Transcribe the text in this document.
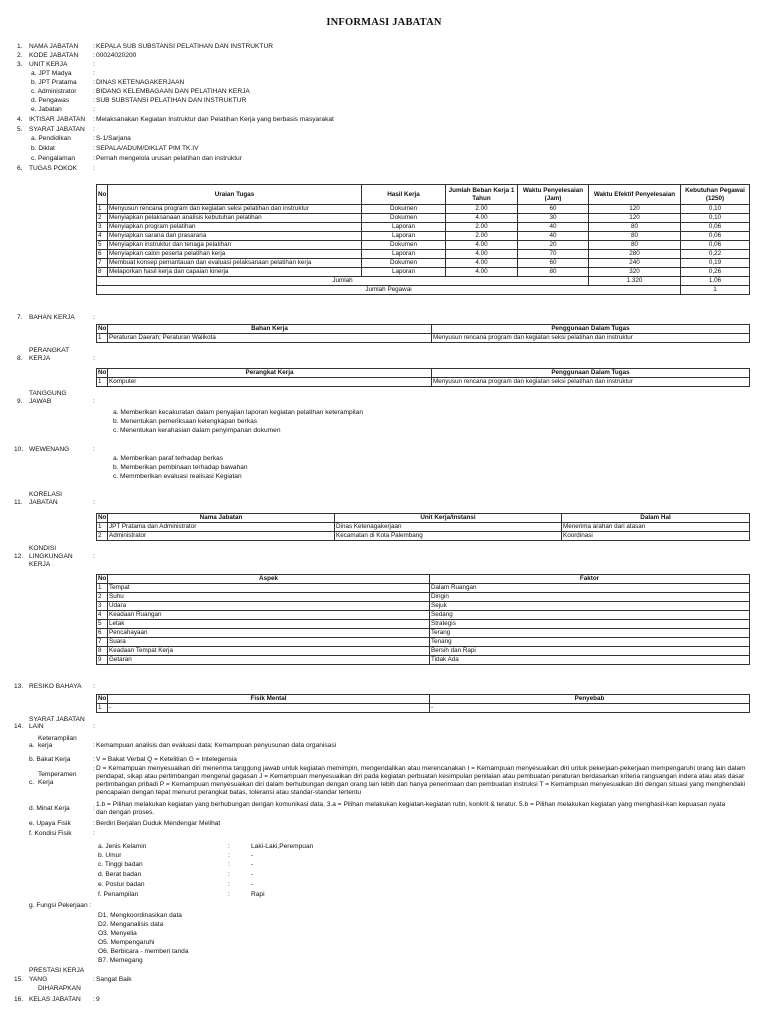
INFORMASI JABATAN
1. NAMA JABATAN : KEPALA SUB SUBSTANSI PELATIHAN DAN INSTRUKTUR
2. KODE JABATAN : 00024020200
3. UNIT KERJA	:
a. JPT Madya	:
b. JPT Pratama : DINAS KETENAGAKERJAAN
c. Administrator	: BIDANG KELEMBAGAAN DAN PELATIHAN KERJA
d. Pengawas	: SUB SUBSTANSI PELATIHAN DAN INSTRUKTUR
e. Jabatan	:
4. IKTISAR JABATAN : Melaksanakan Kegiatan Instruktur dan Pelatihan Kerja yang berbasis masyarakat
5. SYARAT JABATAN :
a. Pendidikan	: S-1/Sarjana
b. Diklat	: SEPALA/ADUM/DIKLAT PIM TK.IV
c. Pengalaman	: Pernah mengelola urusan pelatihan dan instruktur
6. TUGAS POKOK :
No	Uraian Tugas	Hasil Kerja	Jumlah Beban Kerja 1 Tahun	Waktu Penyelesaian (Jam)	Waktu Efektif Penyelesaian	Kebutuhan Pegawai (1250)
1	Menyusun rencana program dan kegiatan seksi pelatihan dan instruktur	Dokumen	2.00	60	120	0,10
2	Menyiapkan pelaksanaan analisis kebutuhan pelatihan	Dokumen	4.00	30	120	0,10
3	Menyiapkan program pelatihan	Laporan	2.00	40	80	0,06
4	Menyiapkan sarana dan prasarana	Laporan	2.00	40	80	0,06
5	Menyiapkan instruktur dan tenaga pelatihan	Dokumen	4.00	20	80	0,06
6	Menyiapkan calon peserta pelatihan kerja	Laporan	4.00	70	280	0,22
7	Membuat konsep pemantauan dan evaluasi pelaksanaan pelatihan kerja	Dokumen	4.00	60	240	0,19
8	Melaporkan hasil kerja dan capaian kinerja	Laporan	4.00	80	320	0,26
Jumlah					1.320	1,06
Jumlah Pegawai						1
7. BAHAN KERJA	:
No	Bahan Kerja	Penggunaan Dalam Tugas
1	Peraturan Daerah; Peraturan Walikota	Menyusun rencana program dan kegiatan seksi pelatihan dan instruktur
PERANGKAT
8. KERJA	:
No	Perangkat Kerja	Penggunaan Dalam Tugas
1	Komputer	Menyusun rencana program dan kegiatan seksi pelatihan dan instruktur
TANGGUNG
9. JAWAB	:
a. Memberikan kecakuratan dalam penyajian laporan kegiatan pelatihan keterampilan
b. Menentukan pemeriksaan kelengkapan berkas
c. Menentukan kerahasian dalam penyimpanan dokumen
10. WEWENANG	:
a. Memberikan paraf terhadap berkas
b. Memberikan pembinaan terhadap bawahan
c. Memmberikan evaluasi realisasi Kegiatan
KORELASI
11. JABATAN	:
No	Nama Jabatan	Unit Kerja/Instansi	Dalam Hal
1	JPT Pratama dan Administrator	Dinas Ketenagakerjaan	Menerima arahan dari atasan
2	Administrator	Kecamatan di Kota Palembang	Koordinasi
KONDISI
12. LINGKUNGAN	:
KERJA
No	Aspek	Faktor
1	Tempat	Dalam Ruangan
2	Suhu	Dingin
3	Udara	Sejuk
4	Keadaan Ruangan	Sedang
5	Letak	Strategis
6	Pencahayaan	Terang
7	Suara	Tenang
8	Keadaan Tempat Kerja	Bersih dan Rapi
9	Getaran	Tidak Ada
13. RESIKO BAHAYA :
No	Fisik Mental	Penyebab
1	-	-
SYARAT JABATAN
14. LAIN	:
Keterampilan
a. kerja	: Kemampuan analisis dan evaluasi data; Kemampuan penyusunan data organisasi
b. Bakat Kerja	: V = Bakat Verbal Q = Ketelitian G = Intelegensia
Temperamen
c. Kerja
: D = Kemampuan menyesuaikan diri menerima tanggung jawab untuk kegiatan memimpin, mengendalikan atau merencanakan I = Kemampuan menyesuaikan diri untuk pekerjaan-pekerjaan mempengaruhi orang lain dalam pendapat, sikap atau pertimbangan mengenal gagasan J = Kemampuan menyesuaikan diri pada kegiatan perbuatan kesimpulan penilaian atau pembuatan peraturan berdasarkan kriteria rangsangan indera atau atas dasar pertimbangan pribadi P = Kemampuan menyesuaikan diri dalam berhubungan dengan orang lain lebih dari hanya penerimaan dan pembuatan instruksi T = Kemampuan menyesuaikan diri dengan situasi yang menghendaki pencapaian dengan tepat menurut perangkat batas, toleransi atau standar-standar tertentu
d. Minat Kerja	:
1.b = Pilihan melakukan kegiatan yang berhubungan dengan komunikasi data. 3.a = Pilihan melakukan kegiatan-kegiatan rutin, konkrit & teratur. 5.b = Pilihan melakukan kegiatan yang menghasil-kan kepuasan nyata dan dengan proses.
e. Upaya Fisik	: Berdiri Berjalan Duduk Mendengar Melihat
f. Kondisi Fisik	:
a. Jenis Kelamin	:	Laki-Laki,Perempuan
b. Umur	:	-
c. Tinggi badan	:	-
d. Berat badan	:	-
e. Postur badan	:	-
f. Penampilan	:	Rapi
g. Fungsi Pekerjaan :
D1. Mengkoordinasikan data
D2. Menganalisis data
O3. Menyelia
O5. Mempengaruhi
O6. Berbicara - memberi tanda
B7. Memegang
PRESTASI KERJA
15. YANG	: Sangat Baik
DIHARAPKAN
16. KELAS JABATAN : 9
